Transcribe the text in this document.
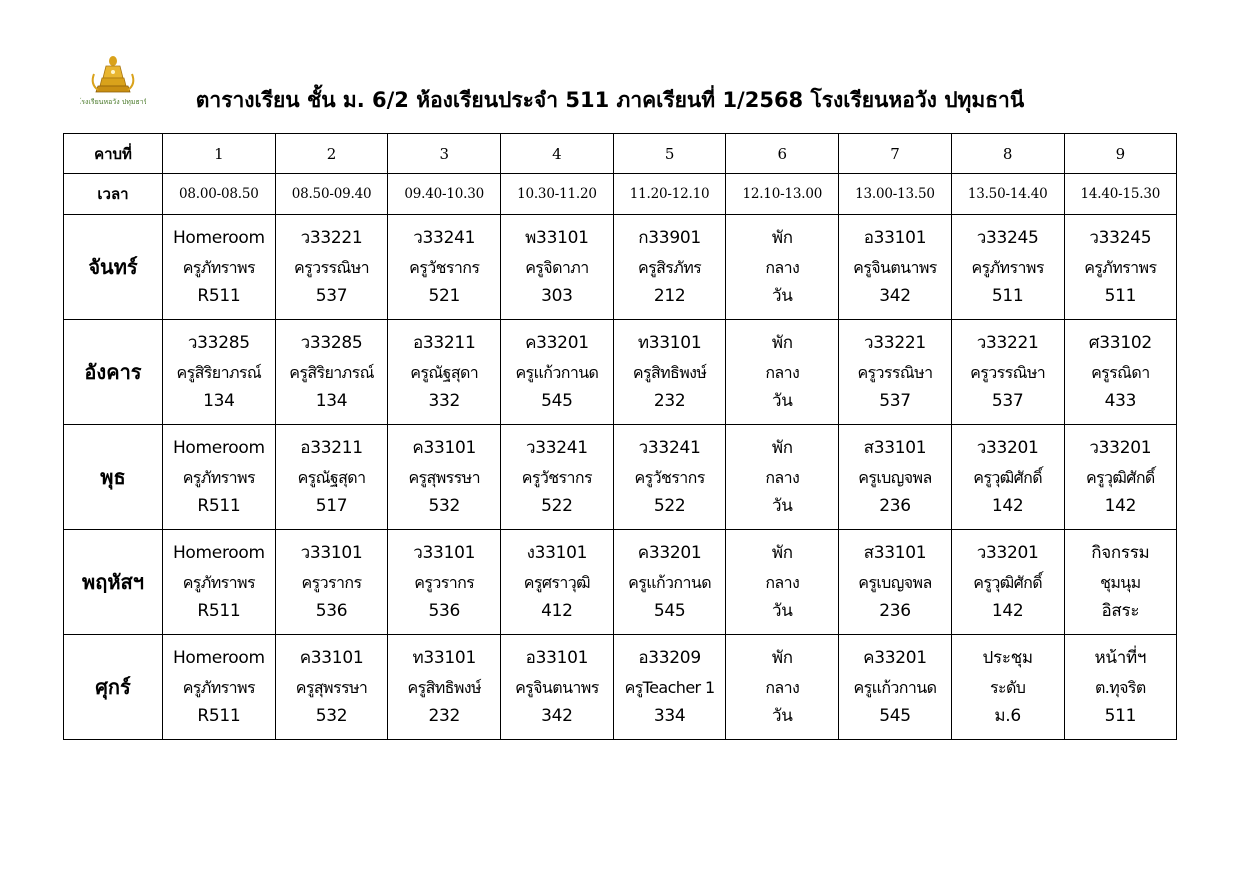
โรงเรียนหอวัง ปทุมธานี	ตารางเรียน ชั้น ม. 6/2 ห้องเรียนประจำ 511 ภาคเรียนที่ 1/2568 โรงเรียนหอวัง ปทุมธานี
คาบที่	1	2	3	4	5	6	7	8	9
เวลา	08.00-08.50	08.50-09.40	09.40-10.30	10.30-11.20	11.20-12.10	12.10-13.00	13.00-13.50	13.50-14.40	14.40-15.30
จันทร์	Homeroom
ครูภัทราพร
R511	ว33221
ครูวรรณิษา
537	ว33241
ครูวัชรากร
521	พ33101
ครูจิดาภา
303	ก33901
ครูสิรภัทร
212	พัก
กลาง
วัน	อ33101
ครูจินตนาพร
342	ว33245
ครูภัทราพร
511	ว33245
ครูภัทราพร
511

อังคาร	ว33285
ครูสิริยาภรณ์
134	ว33285
ครูสิริยาภรณ์
134	อ33211
ครูณัฐสุดา
332	ค33201
ครูแก้วกานด
545	ท33101
ครูสิทธิพงษ์
232	พัก
กลาง
วัน	ว33221
ครูวรรณิษา
537	ว33221
ครูวรรณิษา
537	ศ33102
ครูรณิดา
433

พุธ	Homeroom
ครูภัทราพร
R511	อ33211
ครูณัฐสุดา
517	ค33101
ครูสุพรรษา
532	ว33241
ครูวัชรากร
522	ว33241
ครูวัชรากร
522	พัก
กลาง
วัน	ส33101
ครูเบญจพล
236	ว33201
ครูวุฒิศักดิ์
142	ว33201
ครูวุฒิศักดิ์
142

พฤหัสฯ	Homeroom
ครูภัทราพร
R511	ว33101
ครูวรากร
536	ว33101
ครูวรากร
536	ง33101
ครูศราวุฒิ
412	ค33201
ครูแก้วกานด
545	พัก
กลาง
วัน	ส33101
ครูเบญจพล
236	ว33201
ครูวุฒิศักดิ์
142	กิจกรรม
ชุมนุม
อิสระ

ศุกร์	Homeroom
ครูภัทราพร
R511	ค33101
ครูสุพรรษา
532	ท33101
ครูสิทธิพงษ์
232	อ33101
ครูจินตนาพร
342	อ33209
ครูTeacher 1
334	พัก
กลาง
วัน	ค33201
ครูแก้วกานด
545	ประชุม
ระดับ
ม.6	หน้าที่ฯ
ต.ทุจริต
511
